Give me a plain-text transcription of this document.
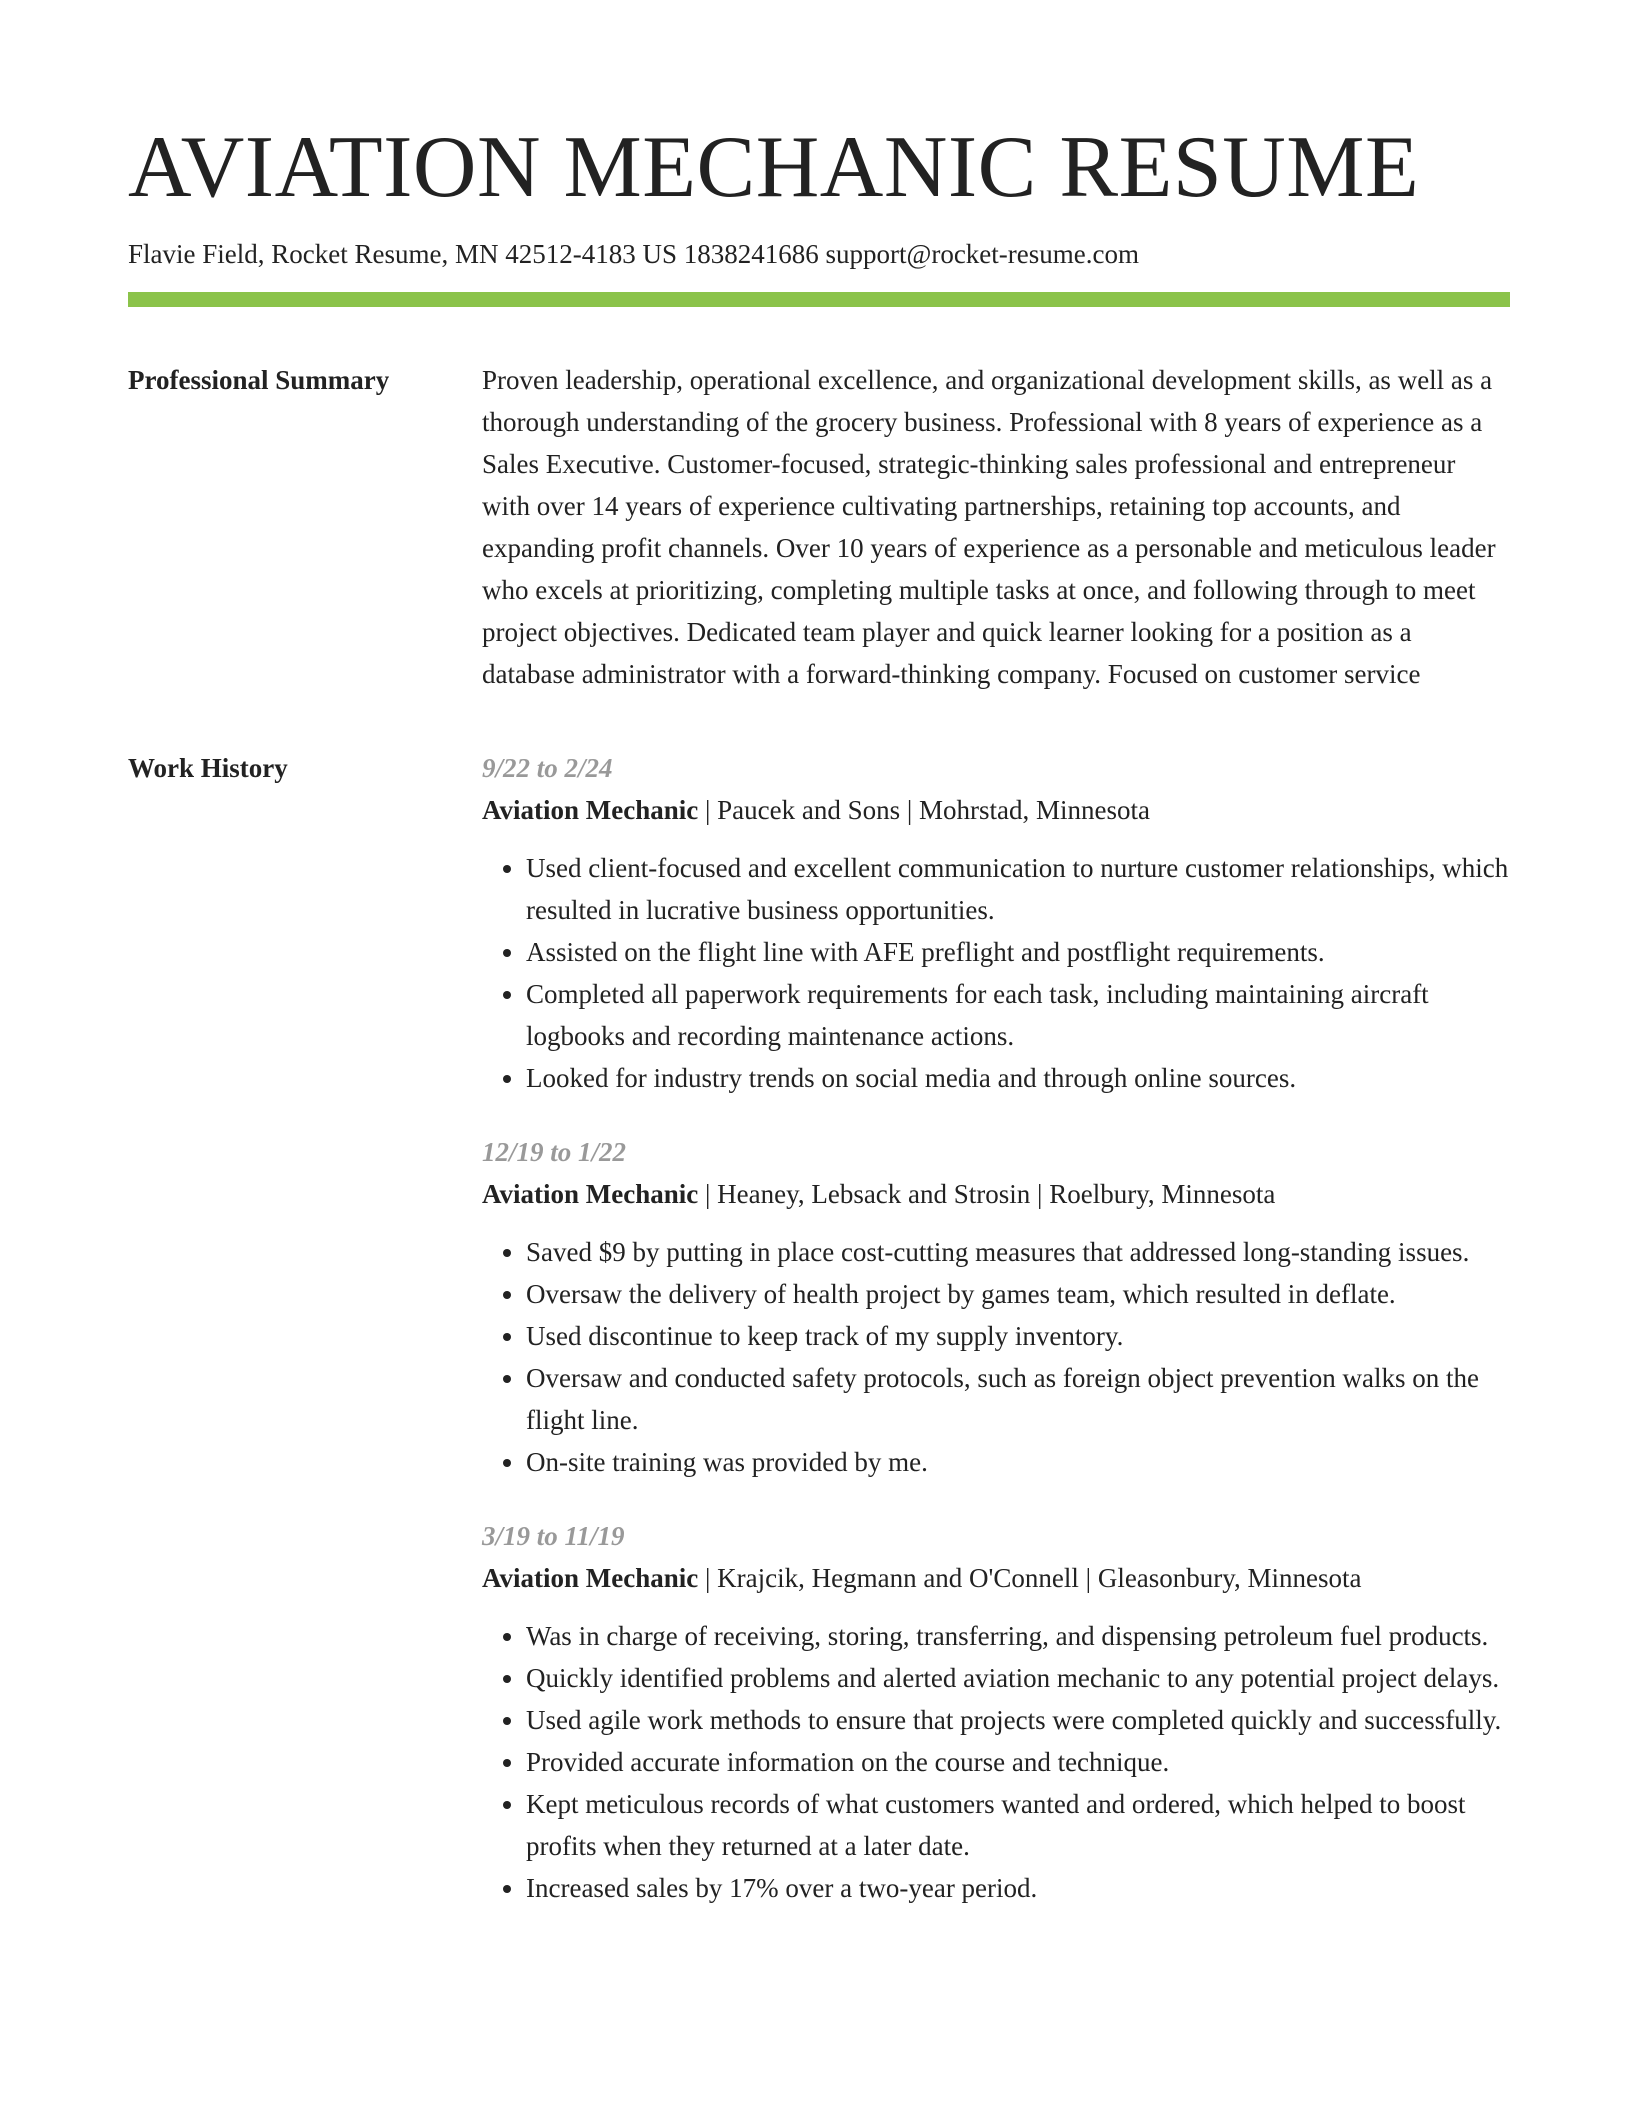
AVIATION MECHANIC RESUME
Flavie Field, Rocket Resume, MN 42512-4183 US 1838241686 support@rocket-resume.com
Professional Summary	Proven leadership, operational excellence, and organizational development skills, as well as a thorough understanding of the grocery business. Professional with 8 years of experience as a Sales Executive. Customer-focused, strategic-thinking sales professional and entrepreneur with over 14 years of experience cultivating partnerships, retaining top accounts, and expanding profit channels. Over 10 years of experience as a personable and meticulous leader who excels at prioritizing, completing multiple tasks at once, and following through to meet project objectives. Dedicated team player and quick learner looking for a position as a database administrator with a forward-thinking company. Focused on customer service

Work History	9/22 to 2/24
Aviation Mechanic | Paucek and Sons | Mohrstad, Minnesota
• Used client-focused and excellent communication to nurture customer relationships, which resulted in lucrative business opportunities.
• Assisted on the flight line with AFE preflight and postflight requirements.
• Completed all paperwork requirements for each task, including maintaining aircraft logbooks and recording maintenance actions.
• Looked for industry trends on social media and through online sources.
12/19 to 1/22
Aviation Mechanic | Heaney, Lebsack and Strosin | Roelbury, Minnesota
• Saved $9 by putting in place cost-cutting measures that addressed long-standing issues.
• Oversaw the delivery of health project by games team, which resulted in deflate.
• Used discontinue to keep track of my supply inventory.
• Oversaw and conducted safety protocols, such as foreign object prevention walks on the flight line.
• On-site training was provided by me.
3/19 to 11/19
Aviation Mechanic | Krajcik, Hegmann and O'Connell | Gleasonbury, Minnesota
• Was in charge of receiving, storing, transferring, and dispensing petroleum fuel products.
• Quickly identified problems and alerted aviation mechanic to any potential project delays.
• Used agile work methods to ensure that projects were completed quickly and successfully.
• Provided accurate information on the course and technique.
• Kept meticulous records of what customers wanted and ordered, which helped to boost profits when they returned at a later date.
• Increased sales by 17% over a two-year period.
